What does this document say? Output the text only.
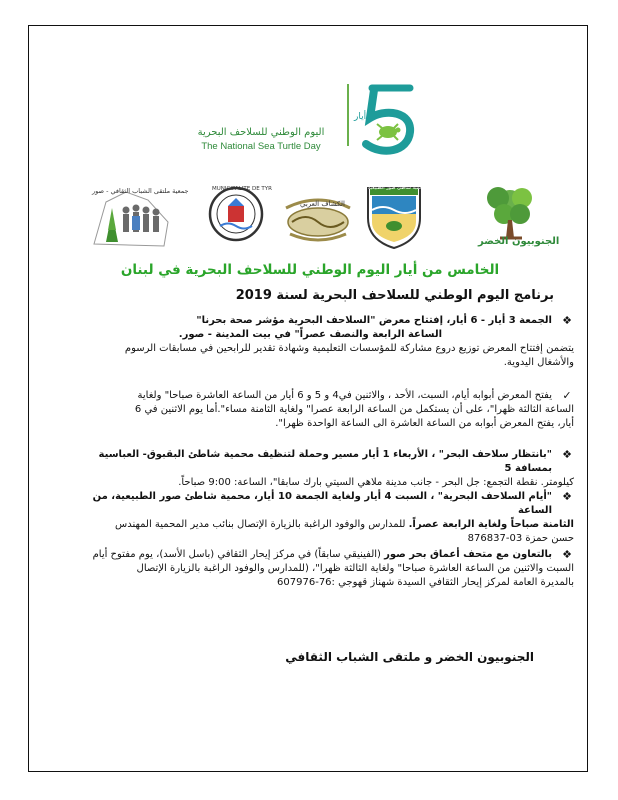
أيار
اليوم الوطني للسلاحف البحرية
The National Sea Turtle Day
جمعية ملتقى الشباب الثقافي - صور	MUNICIPALITE DE TYR
الكشاف العربي
محمية شاطئ صور الطبيعية
الجنوبيون الخضر
الخامس من أيار اليوم الوطني للسلاحف البحرية في لبنان
برنامج اليوم الوطني للسلاحف البحرية لسنة 2019
❖
الجمعة 3 أيار - 6 أيار، إفتتاح معرض "السلاحف البحرية مؤشر صحة بحرنا"
الساعة الرابعة والنصف عصراً" في بيت المدينة - صور.
يتضمن إفتتاح المعرض توزيع دروع مشاركة للمؤسسات التعليمية وشهادة تقدير للرابحين في مسابقات الرسوم
والأشغال اليدوية.
✓
يفتح المعرض أبوابه أيام، السبت، الأحد ، والاثنين في4 و 5 و 6 أيار من الساعة العاشرة صباحا" ولغاية
الساعة الثالثة ظهرا"، على أن يستكمل من الساعة الرابعة عصرا" ولغاية الثامنة مساء".أما يوم الاثنين في 6
أيار، يفتح المعرض أبوابه من الساعة العاشرة الى الساعة الواحدة ظهرا".
❖
"بانتظار سلاحف البحر" ، الأربعاء 1 أيار مسير وحملة لتنظيف محمية شاطئ البقبوق- العباسية بمسافة 5
كيلومتر. نقطة التجمع: جل البحر - جانب مدينة ملاهي السيتي بارك سابقا"، الساعة: 9:00 صباحاً.
❖
"أيام السلاحف البحرية" ، السبت 4 أيار ولغاية الجمعة 10 أيار، محمية شاطئ صور الطبيعية، من الساعة
الثامنة صباحاً ولغاية الرابعة عصراً. للمدارس والوفود الراغبة بالزيارة الإتصال بنائب مدير المحمية المهندس
حسن حمزة 03-876837
❖
بالتعاون مع متحف أعماق بحر صور (الفينيقي سابقاً) في مركز إيحار الثقافي (باسل الأسد)، يوم مفتوح أيام
السبت والاثنين من الساعة العاشرة صباحا" ولغاية الثالثة ظهرا"، (للمدارس والوفود الراغبة بالزيارة الإتصال
بالمديرة العامة لمركز إيحار الثقافي السيدة شهناز قهوجي :76-607976
الجنوبيون الخضر و ملتقى الشباب الثقافي
